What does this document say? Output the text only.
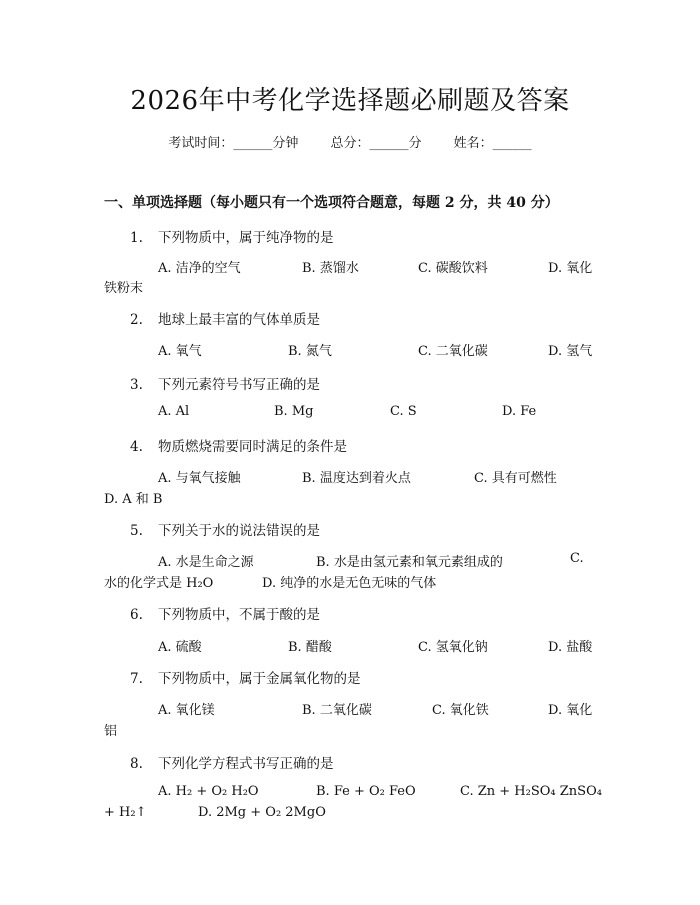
2026年中考化学选择题必刷题及答案
考试时间：______分钟 总分：______分 姓名：______
一、单项选择题（每小题只有一个选项符合题意，每题 2 分，共 40 分）
1. 下列物质中，属于纯净物的是
A. 洁净的空气	B. 蒸馏水	C. 碳酸饮料	D. 氧化
铁粉末
2. 地球上最丰富的气体单质是
A. 氧气	B. 氮气	C. 二氧化碳	D. 氢气
3. 下列元素符号书写正确的是
A. Al	B. Mg	C. S	D. Fe
4. 物质燃烧需要同时满足的条件是
A. 与氧气接触	B. 温度达到着火点	C. 具有可燃性
D. A 和 B
5. 下列关于水的说法错误的是
A. 水是生命之源	B. 水是由氢元素和氧元素组成的	C.
水的化学式是 H₂O	D. 纯净的水是无色无味的气体
6. 下列物质中，不属于酸的是
A. 硫酸	B. 醋酸	C. 氢氧化钠	D. 盐酸
7. 下列物质中，属于金属氧化物的是
A. 氧化镁	B. 二氧化碳	C. 氧化铁	D. 氧化
铝
8. 下列化学方程式书写正确的是
A. H₂ + O₂ H₂O	B. Fe + O₂ FeO	C. Zn + H₂SO₄ ZnSO₄
+ H₂↑	D. 2Mg + O₂ 2MgO
